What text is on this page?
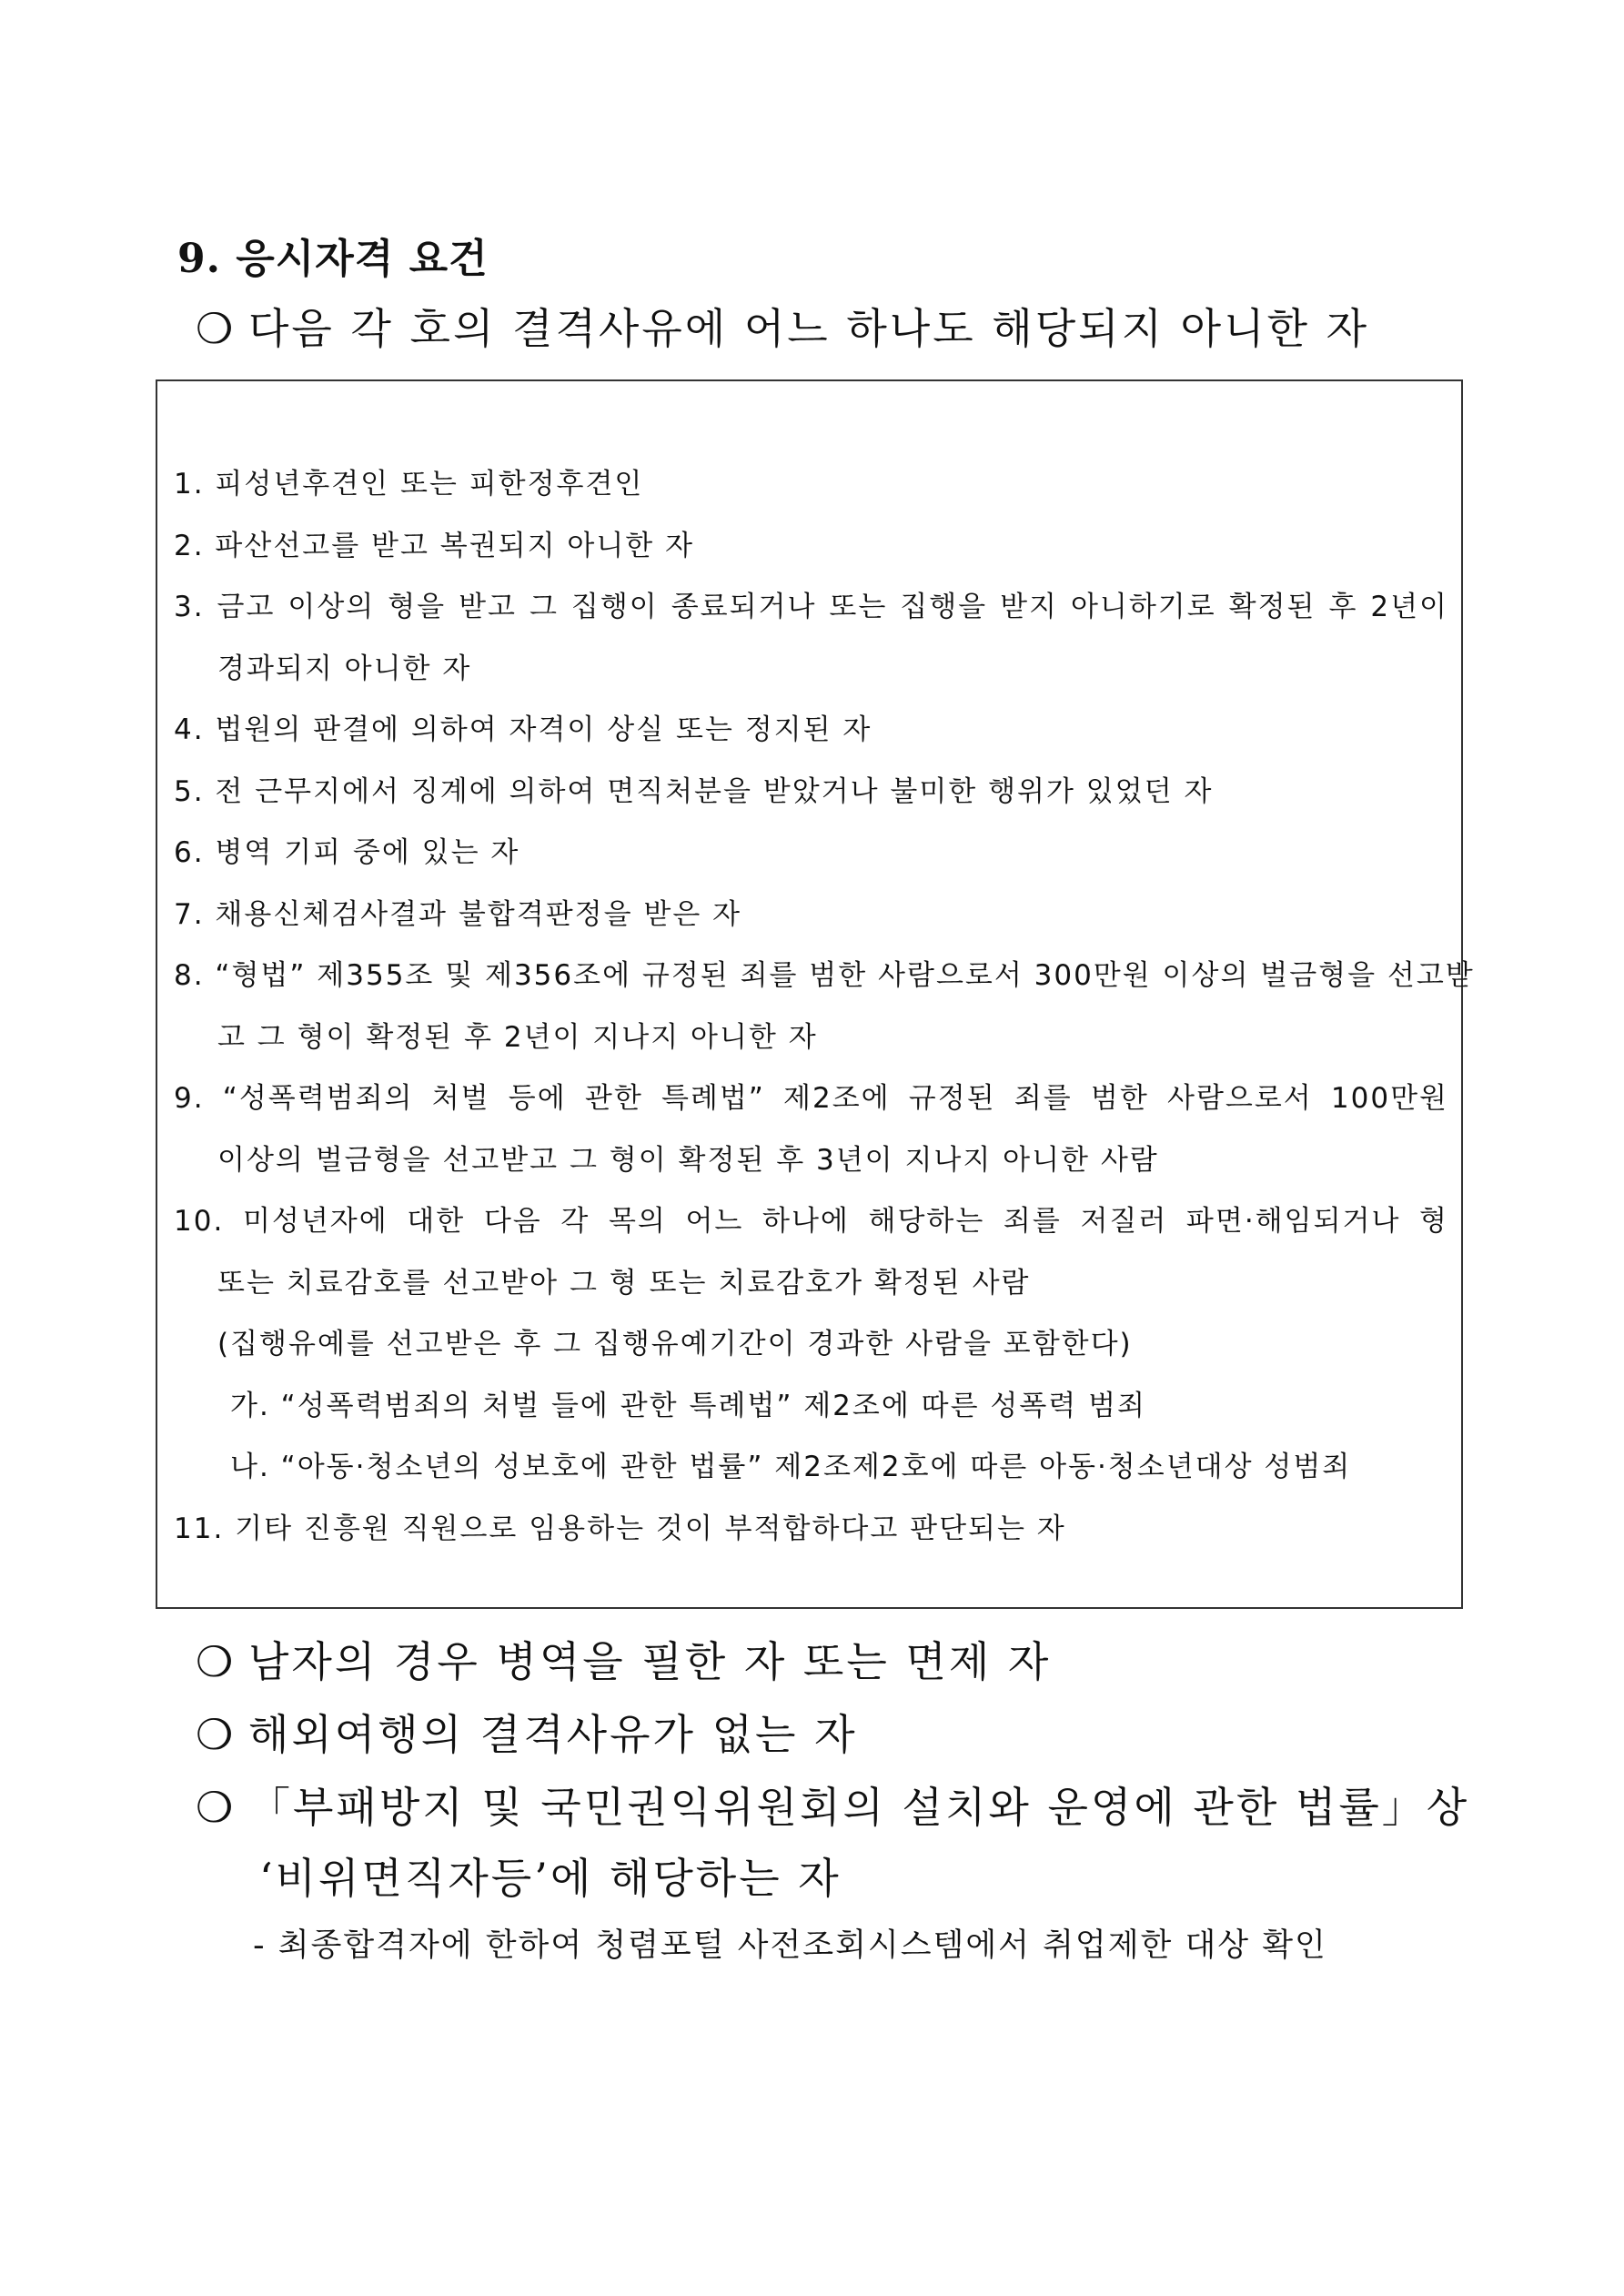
9. 응시자격 요건
❍ 다음 각 호의 결격사유에 어느 하나도 해당되지 아니한 자
1. 피성년후견인 또는 피한정후견인
2. 파산선고를 받고 복권되지 아니한 자
3. 금고 이상의 형을 받고 그 집행이 종료되거나 또는 집행을 받지 아니하기로 확정된 후 2년이
경과되지 아니한 자
4. 법원의 판결에 의하여 자격이 상실 또는 정지된 자
5. 전 근무지에서 징계에 의하여 면직처분을 받았거나 불미한 행위가 있었던 자
6. 병역 기피 중에 있는 자
7. 채용신체검사결과 불합격판정을 받은 자
8. “형법” 제355조 및 제356조에 규정된 죄를 범한 사람으로서 300만원 이상의 벌금형을 선고받
고 그 형이 확정된 후 2년이 지나지 아니한 자
9. “성폭력범죄의 처벌 등에 관한 특례법” 제2조에 규정된 죄를 범한 사람으로서 100만원
이상의 벌금형을 선고받고 그 형이 확정된 후 3년이 지나지 아니한 사람
10. 미성년자에 대한 다음 각 목의 어느 하나에 해당하는 죄를 저질러 파면·해임되거나 형
또는 치료감호를 선고받아 그 형 또는 치료감호가 확정된 사람
(집행유예를 선고받은 후 그 집행유예기간이 경과한 사람을 포함한다)
가. “성폭력범죄의 처벌 들에 관한 특례법” 제2조에 따른 성폭력 범죄
나. “아동·청소년의 성보호에 관한 법률” 제2조제2호에 따른 아동·청소년대상 성범죄
11. 기타 진흥원 직원으로 임용하는 것이 부적합하다고 판단되는 자
❍ 남자의 경우 병역을 필한 자 또는 면제 자
❍ 해외여행의 결격사유가 없는 자
❍ 「부패방지 및 국민권익위원회의 설치와 운영에 관한 법률」상
‘비위면직자등’에 해당하는 자
- 최종합격자에 한하여 청렴포털 사전조회시스템에서 취업제한 대상 확인
